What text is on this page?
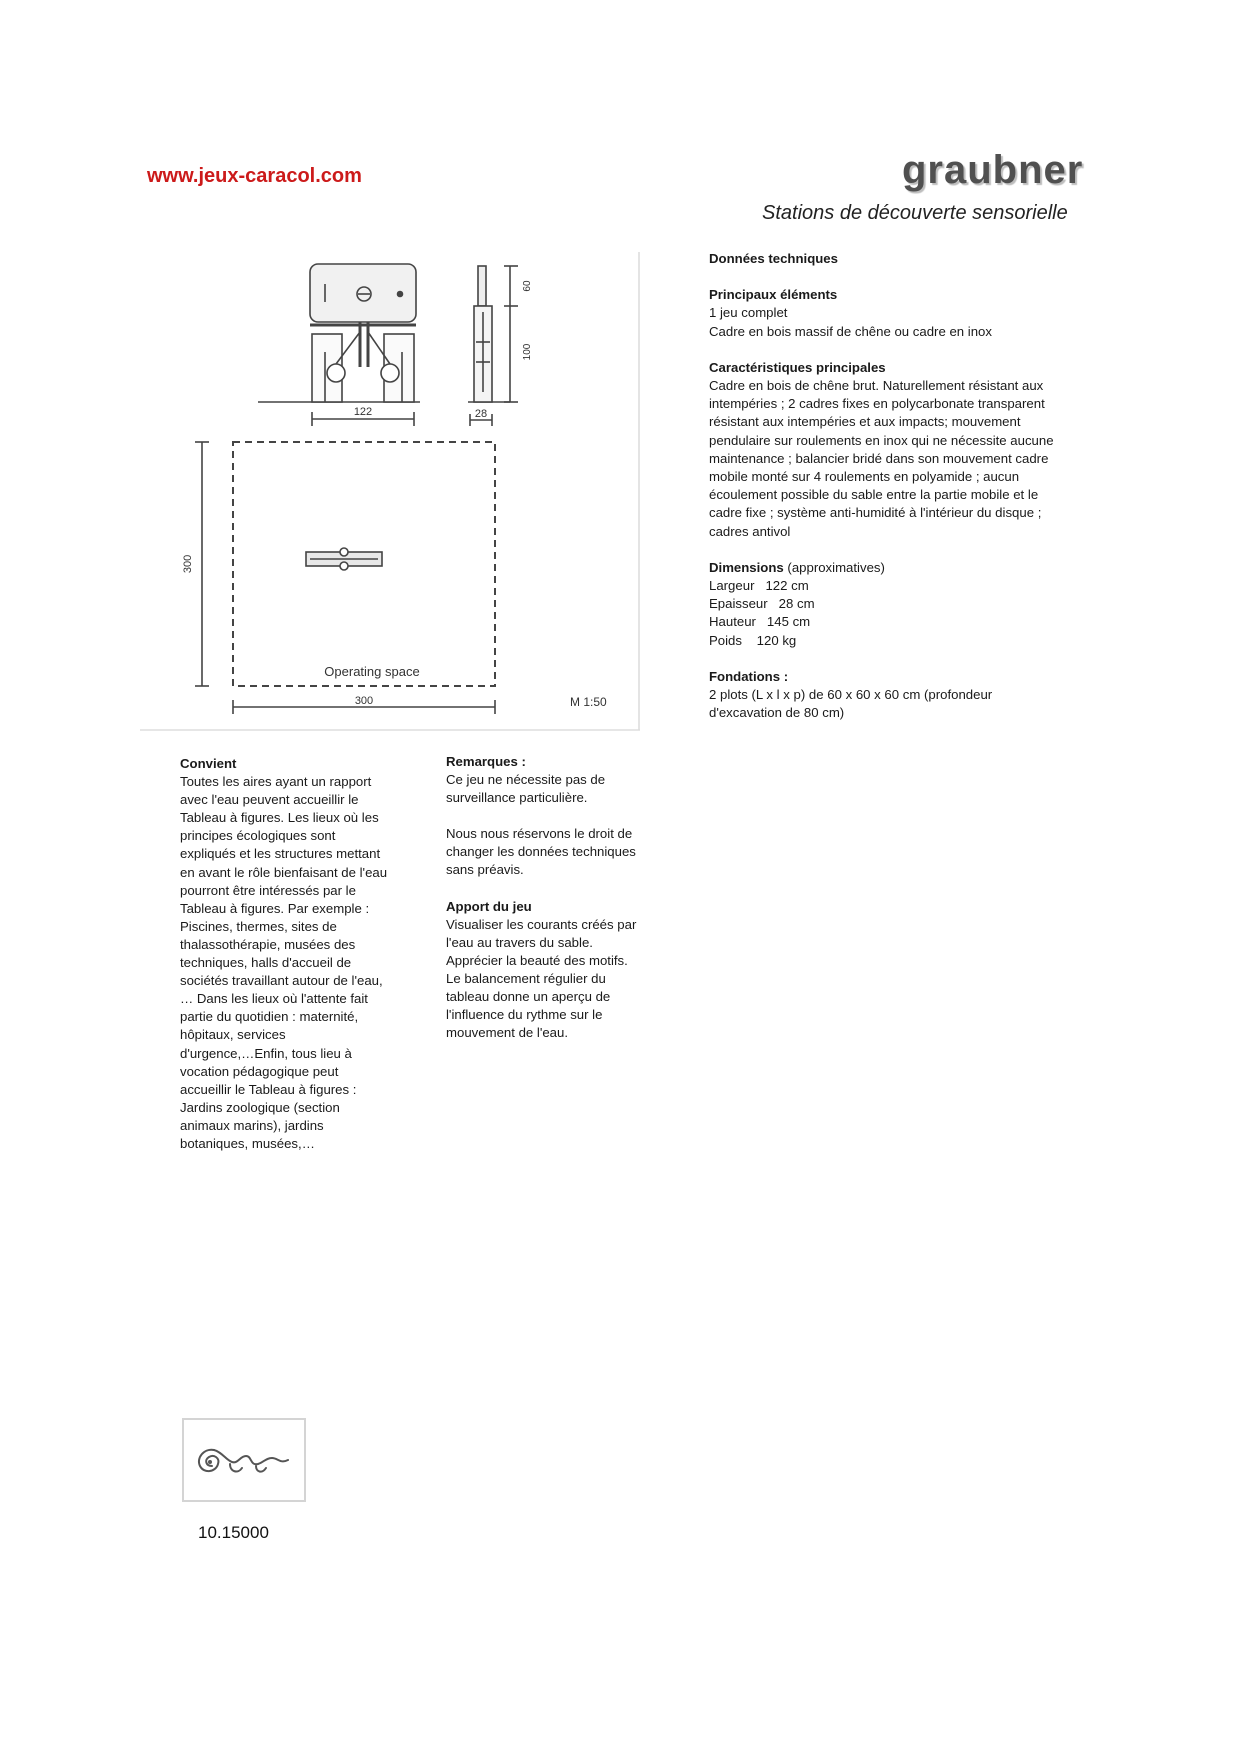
www.jeux-caracol.com	graubner
Stations de découverte sensorielle
122	28
60
100
300
300
Operating space
M 1:50
Données techniques
Principaux éléments
1 jeu complet
Cadre en bois massif de chêne ou cadre en inox
Caractéristiques principales
Cadre en bois de chêne brut. Naturellement résistant aux
intempéries ; 2 cadres fixes en polycarbonate transparent
résistant aux intempéries et aux impacts; mouvement
pendulaire sur roulements en inox qui ne nécessite aucune
maintenance ; balancier bridé dans son mouvement cadre
mobile monté sur 4 roulements en polyamide ; aucun
écoulement possible du sable entre la partie mobile et le
cadre fixe ; système anti-humidité à l'intérieur du disque ;
cadres antivol
Dimensions (approximatives)
Largeur 122 cm
Epaisseur 28 cm
Hauteur 145 cm
Poids 120 kg
Fondations :
2 plots (L x l x p) de 60 x 60 x 60 cm (profondeur
d'excavation de 80 cm)
Convient
Toutes les aires ayant un rapport
avec l'eau peuvent accueillir le
Tableau à figures. Les lieux où les
principes écologiques sont
expliqués et les structures mettant
en avant le rôle bienfaisant de l'eau
pourront être intéressés par le
Tableau à figures. Par exemple :
Piscines, thermes, sites de
thalassothérapie, musées des
techniques, halls d'accueil de
sociétés travaillant autour de l'eau,
… Dans les lieux où l'attente fait
partie du quotidien : maternité,
hôpitaux, services
d'urgence,…Enfin, tous lieu à
vocation pédagogique peut
accueillir le Tableau à figures :
Jardins zoologique (section
animaux marins), jardins
botaniques, musées,…
Remarques :
Ce jeu ne nécessite pas de
surveillance particulière.
Nous nous réservons le droit de
changer les données techniques
sans préavis.
Apport du jeu
Visualiser les courants créés par
l'eau au travers du sable.
Apprécier la beauté des motifs.
Le balancement régulier du
tableau donne un aperçu de
l'influence du rythme sur le
mouvement de l'eau.
10.15000
